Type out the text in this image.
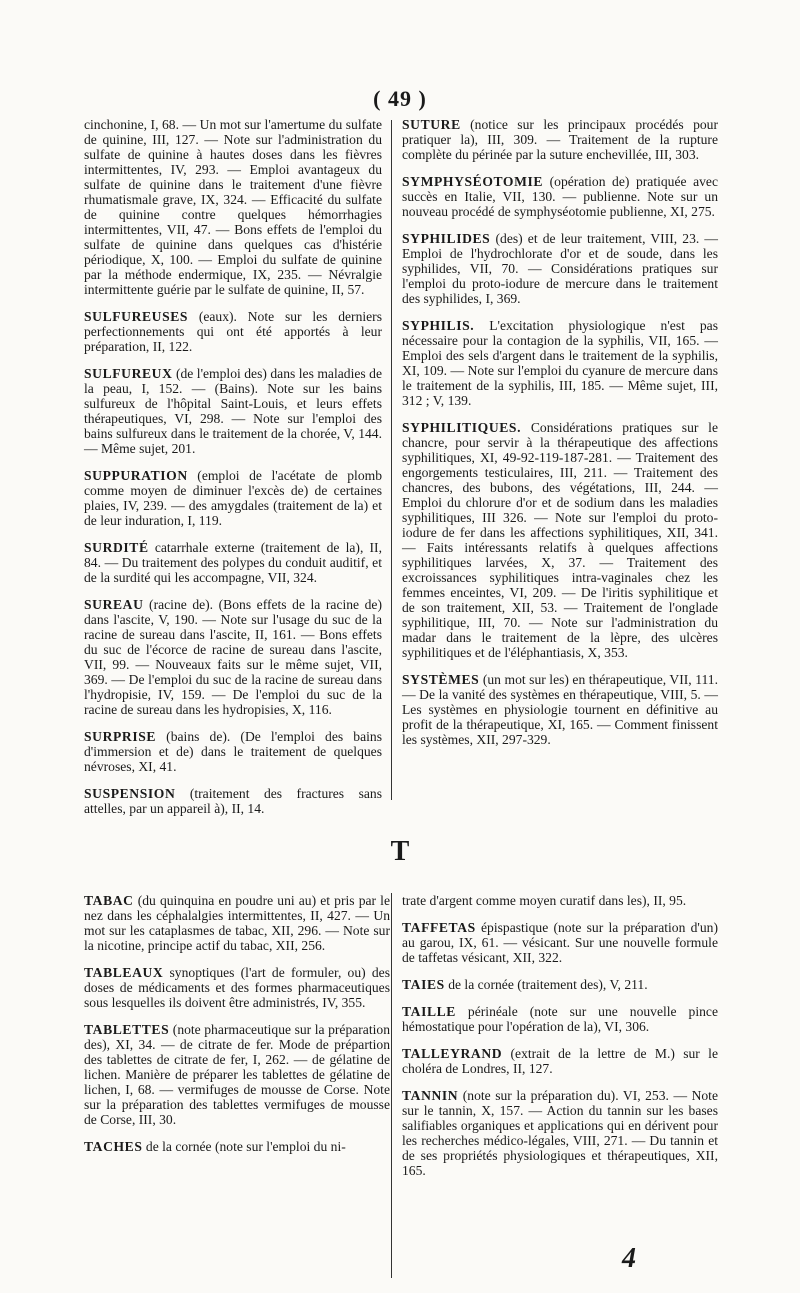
( 49 )
cinchonine, I, 68. — Un mot sur l'amertume du sulfate de quinine, III, 127. — Note sur l'administration du sulfate de quinine à hautes doses dans les fièvres intermittentes, IV, 293. — Emploi avantageux du sulfate de quinine dans le traitement d'une fièvre rhumatismale grave, IX, 324. — Efficacité du sulfate de quinine contre quelques hémorrhagies intermittentes, VII, 47. — Bons effets de l'emploi du sulfate de quinine dans quelques cas d'histérie périodique, X, 100. — Emploi du sulfate de quinine par la méthode endermique, IX, 235. — Névralgie intermittente guérie par le sulfate de quinine, II, 57.
SULFUREUSES (eaux). Note sur les derniers perfectionnements qui ont été apportés à leur préparation, II, 122.
SULFUREUX (de l'emploi des) dans les maladies de la peau, I, 152. — (Bains). Note sur les bains sulfureux de l'hôpital Saint-Louis, et leurs effets thérapeutiques, VI, 298. — Note sur l'emploi des bains sulfureux dans le traitement de la chorée, V, 144. — Même sujet, 201.
SUPPURATION (emploi de l'acétate de plomb comme moyen de diminuer l'excès de) de certaines plaies, IV, 239. — des amygdales (traitement de la) et de leur induration, I, 119.
SURDITÉ catarrhale externe (traitement de la), II, 84. — Du traitement des polypes du conduit auditif, et de la surdité qui les accompagne, VII, 324.
SUREAU (racine de). (Bons effets de la racine de) dans l'ascite, V, 190. — Note sur l'usage du suc de la racine de sureau dans l'ascite, II, 161. — Bons effets du suc de l'écorce de racine de sureau dans l'ascite, VII, 99. — Nouveaux faits sur le même sujet, VII, 369. — De l'emploi du suc de la racine de sureau dans l'hydropisie, IV, 159. — De l'emploi du suc de la racine de sureau dans les hydropisies, X, 116.
SURPRISE (bains de). (De l'emploi des bains d'immersion et de) dans le traitement de quelques névroses, XI, 41.
SUSPENSION (traitement des fractures sans attelles, par un appareil à), II, 14.
SUTURE (notice sur les principaux procédés pour pratiquer la), III, 309. — Traitement de la rupture complète du périnée par la suture enchevillée, III, 303.
SYMPHYSÉOTOMIE (opération de) pratiquée avec succès en Italie, VII, 130. — publienne. Note sur un nouveau procédé de symphyséotomie publienne, XI, 275.
SYPHILIDES (des) et de leur traitement, VIII, 23. — Emploi de l'hydrochlorate d'or et de soude, dans les syphilides, VII, 70. — Considérations pratiques sur l'emploi du proto-iodure de mercure dans le traitement des syphilides, I, 369.
SYPHILIS. L'excitation physiologique n'est pas nécessaire pour la contagion de la syphilis, VII, 165. — Emploi des sels d'argent dans le traitement de la syphilis, XI, 109. — Note sur l'emploi du cyanure de mercure dans le traitement de la syphilis, III, 185. — Même sujet, III, 312 ; V, 139.
SYPHILITIQUES. Considérations pratiques sur le chancre, pour servir à la thérapeutique des affections syphilitiques, XI, 49-92-119-187-281. — Traitement des engorgements testiculaires, III, 211. — Traitement des chancres, des bubons, des végétations, III, 244. — Emploi du chlorure d'or et de sodium dans les maladies syphilitiques, III 326. — Note sur l'emploi du proto-iodure de fer dans les affections syphilitiques, XII, 341. — Faits intéressants relatifs à quelques affections syphilitiques larvées, X, 37. — Traitement des excroissances syphilitiques intra-vaginales chez les femmes enceintes, VI, 209. — De l'iritis syphilitique et de son traitement, XII, 53. — Traitement de l'onglade syphilitique, III, 70. — Note sur l'administration du madar dans le traitement de la lèpre, des ulcères syphilitiques et de l'éléphantiasis, X, 353.
SYSTÈMES (un mot sur les) en thérapeutique, VII, 111. — De la vanité des systèmes en thérapeutique, VIII, 5. — Les systèmes en physiologie tournent en définitive au profit de la thérapeutique, XI, 165. — Comment finissent les systèmes, XII, 297-329.
T
TABAC (du quinquina en poudre uni au) et pris par le nez dans les céphalalgies intermittentes, II, 427. — Un mot sur les cataplasmes de tabac, XII, 296. — Note sur la nicotine, principe actif du tabac, XII, 256.
TABLEAUX synoptiques (l'art de formuler, ou) des doses de médicaments et des formes pharmaceutiques sous lesquelles ils doivent être administrés, IV, 355.
TABLETTES (note pharmaceutique sur la préparation des), XI, 34. — de citrate de fer. Mode de prépartion des tablettes de citrate de fer, I, 262. — de gélatine de lichen. Manière de préparer les tablettes de gélatine de lichen, I, 68. — vermifuges de mousse de Corse. Note sur la préparation des tablettes vermifuges de mousse de Corse, III, 30.
TACHES de la cornée (note sur l'emploi du ni-
trate d'argent comme moyen curatif dans les), II, 95.
TAFFETAS épispastique (note sur la préparation d'un) au garou, IX, 61. — vésicant. Sur une nouvelle formule de taffetas vésicant, XII, 322.
TAIES de la cornée (traitement des), V, 211.
TAILLE périnéale (note sur une nouvelle pince hémostatique pour l'opération de la), VI, 306.
TALLEYRAND (extrait de la lettre de M.) sur le choléra de Londres, II, 127.
TANNIN (note sur la préparation du). VI, 253. — Note sur le tannin, X, 157. — Action du tannin sur les bases salifiables organiques et applications qui en dérivent pour les recherches médico-légales, VIII, 271. — Du tannin et de ses propriétés physiologiques et thérapeutiques, XII, 165.
4
